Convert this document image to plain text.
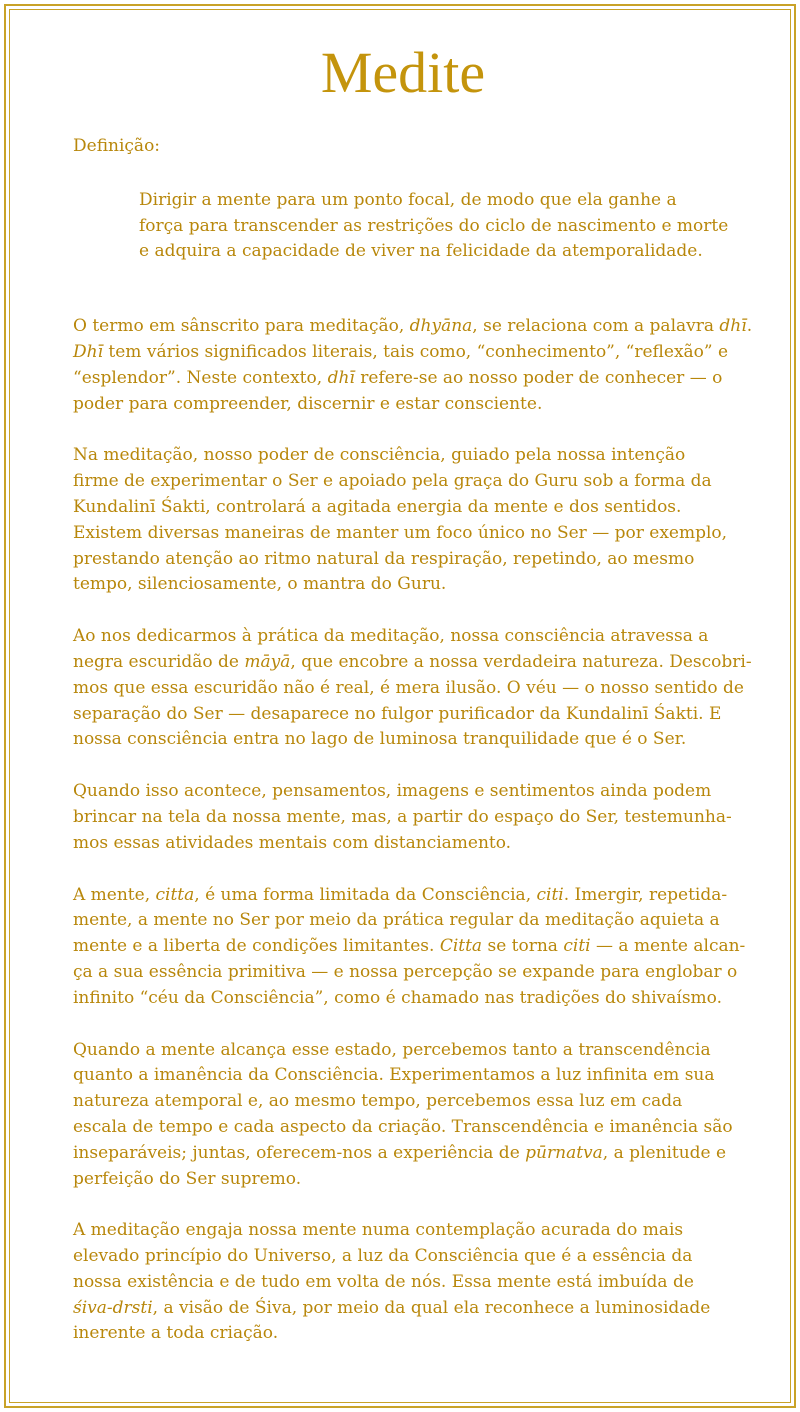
Medite
Definição:
Dirigir a mente para um ponto focal, de modo que ela ganhe a
força para transcender as restrições do ciclo de nascimento e morte
e adquira a capacidade de viver na felicidade da atemporalidade.
O termo em sânscrito para meditação, dhyāna, se relaciona com a palavra dhī.
Dhī tem vários significados literais, tais como, “conhecimento”, “reflexão” e
“esplendor”. Neste contexto, dhī refere-se ao nosso poder de conhecer — o
poder para compreender, discernir e estar consciente.
Na meditação, nosso poder de consciência, guiado pela nossa intenção
firme de experimentar o Ser e apoiado pela graça do Guru sob a forma da
Kundalinī Śakti, controlará a agitada energia da mente e dos sentidos.
Existem diversas maneiras de manter um foco único no Ser — por exemplo,
prestando atenção ao ritmo natural da respiração, repetindo, ao mesmo
tempo, silenciosamente, o mantra do Guru.
Ao nos dedicarmos à prática da meditação, nossa consciência atravessa a
negra escuridão de māyā, que encobre a nossa verdadeira natureza. Descobri-
mos que essa escuridão não é real, é mera ilusão. O véu — o nosso sentido de
separação do Ser — desaparece no fulgor purificador da Kundalinī Śakti. E
nossa consciência entra no lago de luminosa tranquilidade que é o Ser.
Quando isso acontece, pensamentos, imagens e sentimentos ainda podem
brincar na tela da nossa mente, mas, a partir do espaço do Ser, testemunha-
mos essas atividades mentais com distanciamento.
A mente, citta, é uma forma limitada da Consciência, citi. Imergir, repetida-
mente, a mente no Ser por meio da prática regular da meditação aquieta a
mente e a liberta de condições limitantes. Citta se torna citi — a mente alcan-
ça a sua essência primitiva — e nossa percepção se expande para englobar o
infinito “céu da Consciência”, como é chamado nas tradições do shivaísmo.
Quando a mente alcança esse estado, percebemos tanto a transcendência
quanto a imanência da Consciência. Experimentamos a luz infinita em sua
natureza atemporal e, ao mesmo tempo, percebemos essa luz em cada
escala de tempo e cada aspecto da criação. Transcendência e imanência são
inseparáveis; juntas, oferecem-nos a experiência de pūrnatva, a plenitude e
perfeição do Ser supremo.
A meditação engaja nossa mente numa contemplação acurada do mais
elevado princípio do Universo, a luz da Consciência que é a essência da
nossa existência e de tudo em volta de nós. Essa mente está imbuída de
śiva-drsti, a visão de Śiva, por meio da qual ela reconhece a luminosidade
inerente a toda criação.
